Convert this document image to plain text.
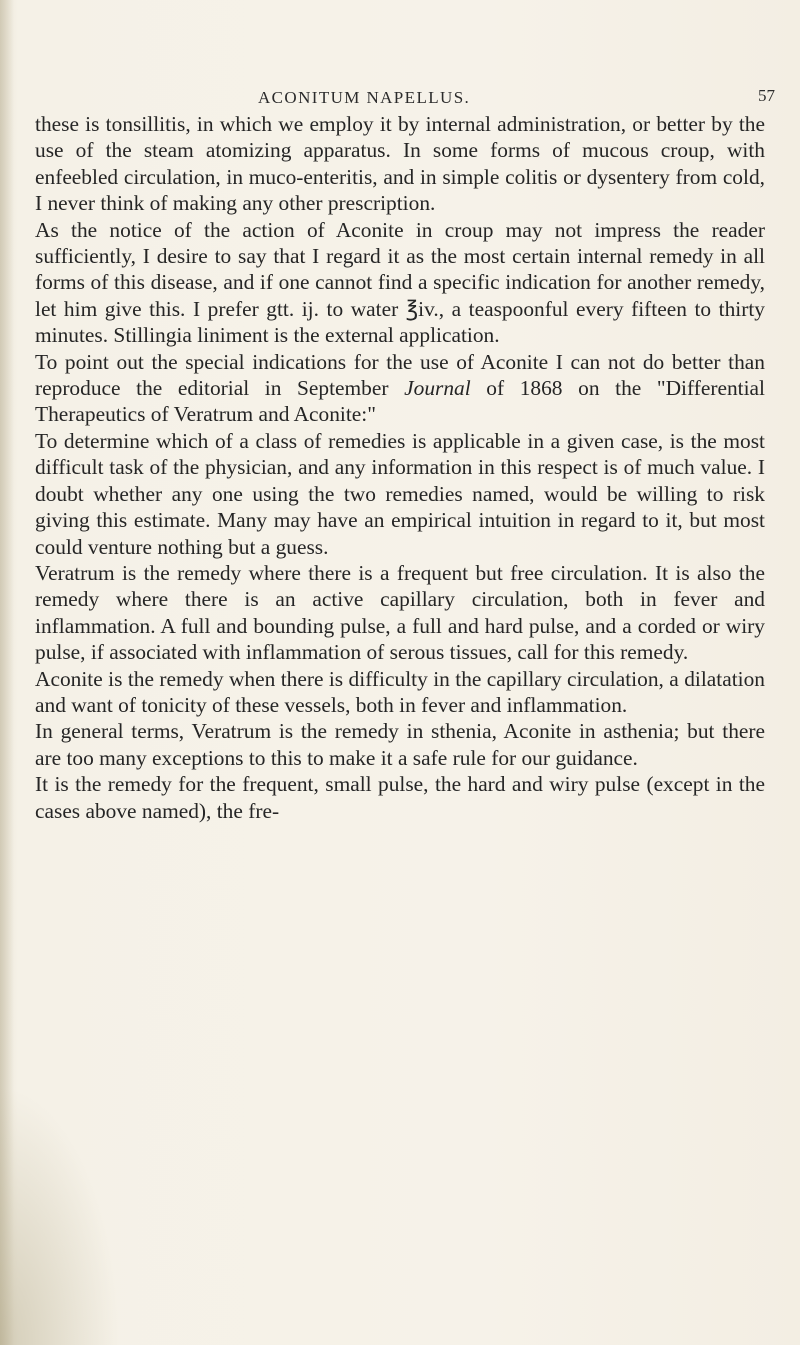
ACONITUM NAPELLUS.	57

these is tonsillitis, in which we employ it by internal administration, or better by the use of the steam atomizing apparatus. In some forms of mucous croup, with enfeebled circulation, in muco-enteritis, and in simple colitis or dysentery from cold, I never think of making any other prescription.

As the notice of the action of Aconite in croup may not impress the reader sufficiently, I desire to say that I regard it as the most certain internal remedy in all forms of this disease, and if one cannot find a specific indication for another remedy, let him give this. I prefer gtt. ij. to water ℥iv., a teaspoonful every fifteen to thirty minutes. Stillingia liniment is the external application.

To point out the special indications for the use of Aconite I can not do better than reproduce the editorial in September Journal of 1868 on the "Differential Therapeutics of Veratrum and Aconite:"

To determine which of a class of remedies is applicable in a given case, is the most difficult task of the physician, and any information in this respect is of much value. I doubt whether any one using the two remedies named, would be willing to risk giving this estimate. Many may have an empirical intuition in regard to it, but most could venture nothing but a guess.

Veratrum is the remedy where there is a frequent but free circulation. It is also the remedy where there is an active capillary circulation, both in fever and inflammation. A full and bounding pulse, a full and hard pulse, and a corded or wiry pulse, if associated with inflammation of serous tissues, call for this remedy.

Aconite is the remedy when there is difficulty in the capillary circulation, a dilatation and want of tonicity of these vessels, both in fever and inflammation.

In general terms, Veratrum is the remedy in sthenia, Aconite in asthenia; but there are too many exceptions to this to make it a safe rule for our guidance.

It is the remedy for the frequent, small pulse, the hard and wiry pulse (except in the cases above named), the fre-
